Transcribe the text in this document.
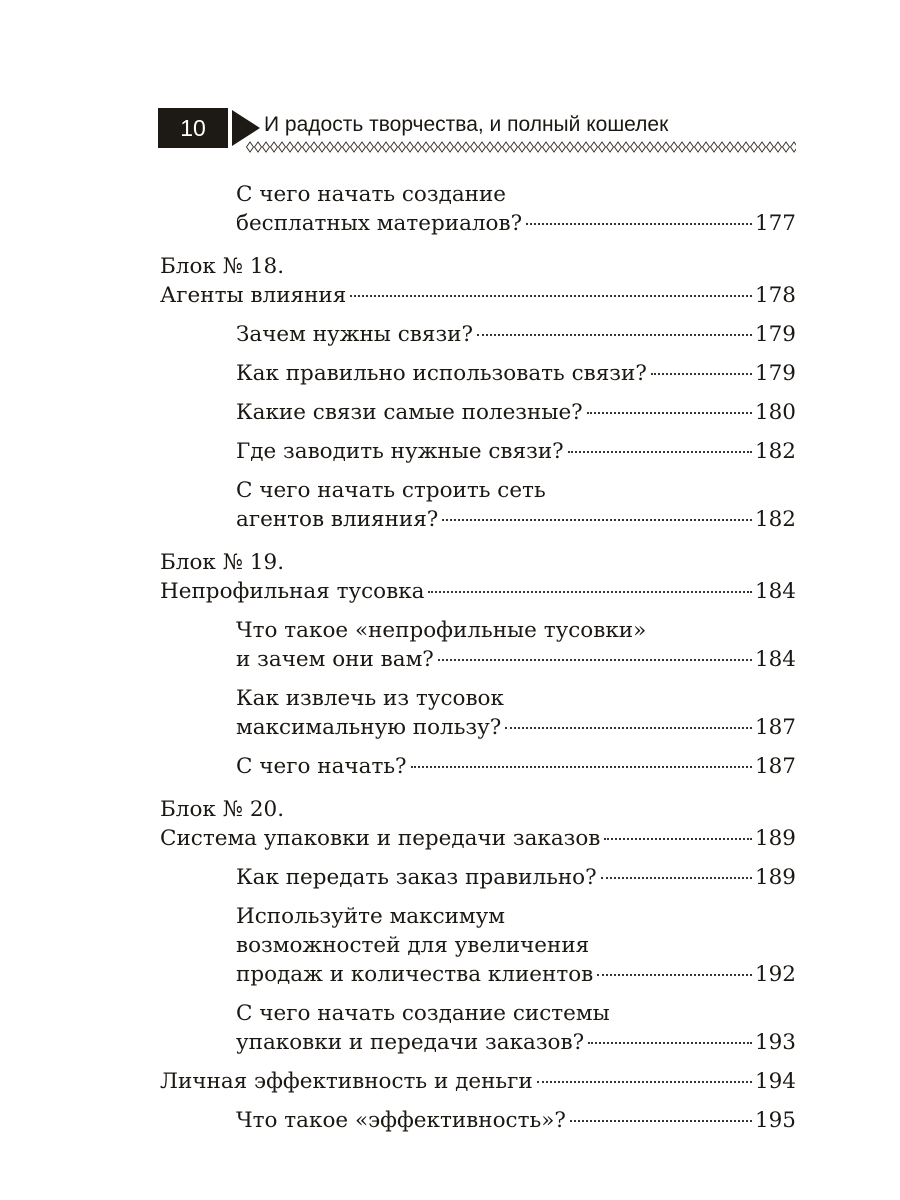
10	И радость творчества, и полный кошелек
С чего начать создание
бесплатных материалов?	177
Блок № 18.
Агенты влияния	178
Зачем нужны связи?	179
Как правильно использовать связи?	179
Какие связи самые полезные?	180
Где заводить нужные связи?	182
С чего начать строить сеть
агентов влияния?	182
Блок № 19.
Непрофильная тусовка	184
Что такое «непрофильные тусовки»
и зачем они вам?	184
Как извлечь из тусовок
максимальную пользу?	187
С чего начать?	187
Блок № 20.
Система упаковки и передачи заказов	189
Как передать заказ правильно?	189
Используйте максимум
возможностей для увеличения
продаж и количества клиентов	192
С чего начать создание системы
упаковки и передачи заказов?	193
Личная эффективность и деньги	194
Что такое «эффективность»?	195
